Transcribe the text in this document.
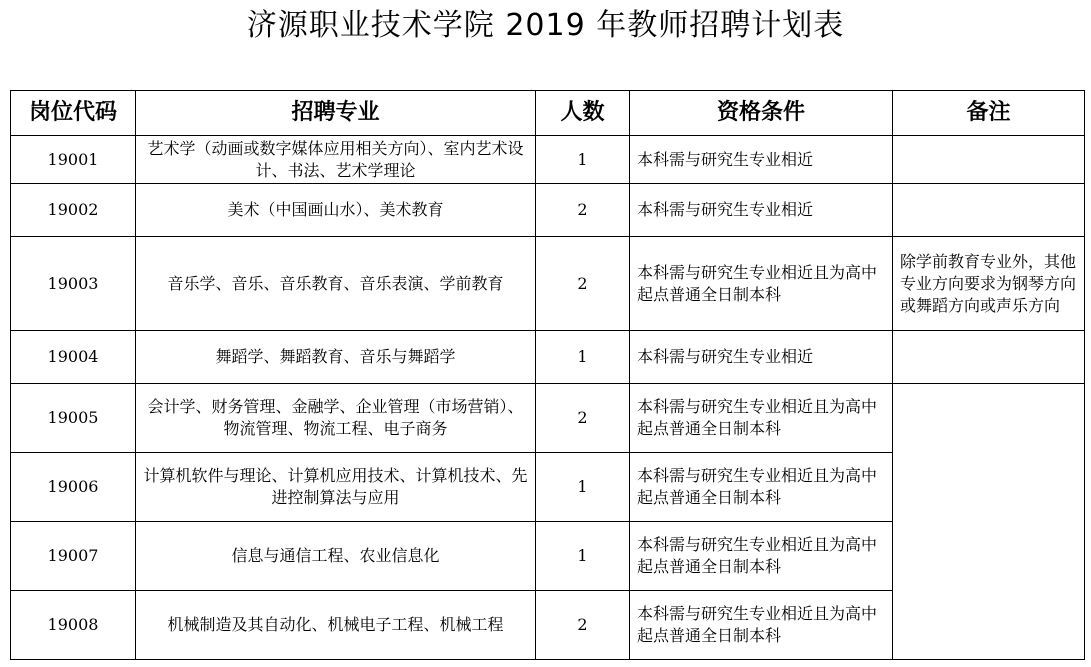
济源职业技术学院 2019 年教师招聘计划表
岗位代码	招聘专业	人数	资格条件	备注
19001	艺术学（动画或数字媒体应用相关方向）、室内艺术设计、书法、艺术学理论	1	本科需与研究生专业相近	
19002	美术（中国画山水）、美术教育	2	本科需与研究生专业相近	
19003	音乐学、音乐、音乐教育、音乐表演、学前教育	2	本科需与研究生专业相近且为高中起点普通全日制本科	除学前教育专业外，其他专业方向要求为钢琴方向或舞蹈方向或声乐方向
19004	舞蹈学、舞蹈教育、音乐与舞蹈学	1	本科需与研究生专业相近	
19005	会计学、财务管理、金融学、企业管理（市场营销）、物流管理、物流工程、电子商务	2	本科需与研究生专业相近且为高中起点普通全日制本科	
19006	计算机软件与理论、计算机应用技术、计算机技术、先进控制算法与应用	1	本科需与研究生专业相近且为高中起点普通全日制本科	
19007	信息与通信工程、农业信息化	1	本科需与研究生专业相近且为高中起点普通全日制本科	
19008	机械制造及其自动化、机械电子工程、机械工程	2	本科需与研究生专业相近且为高中起点普通全日制本科	
